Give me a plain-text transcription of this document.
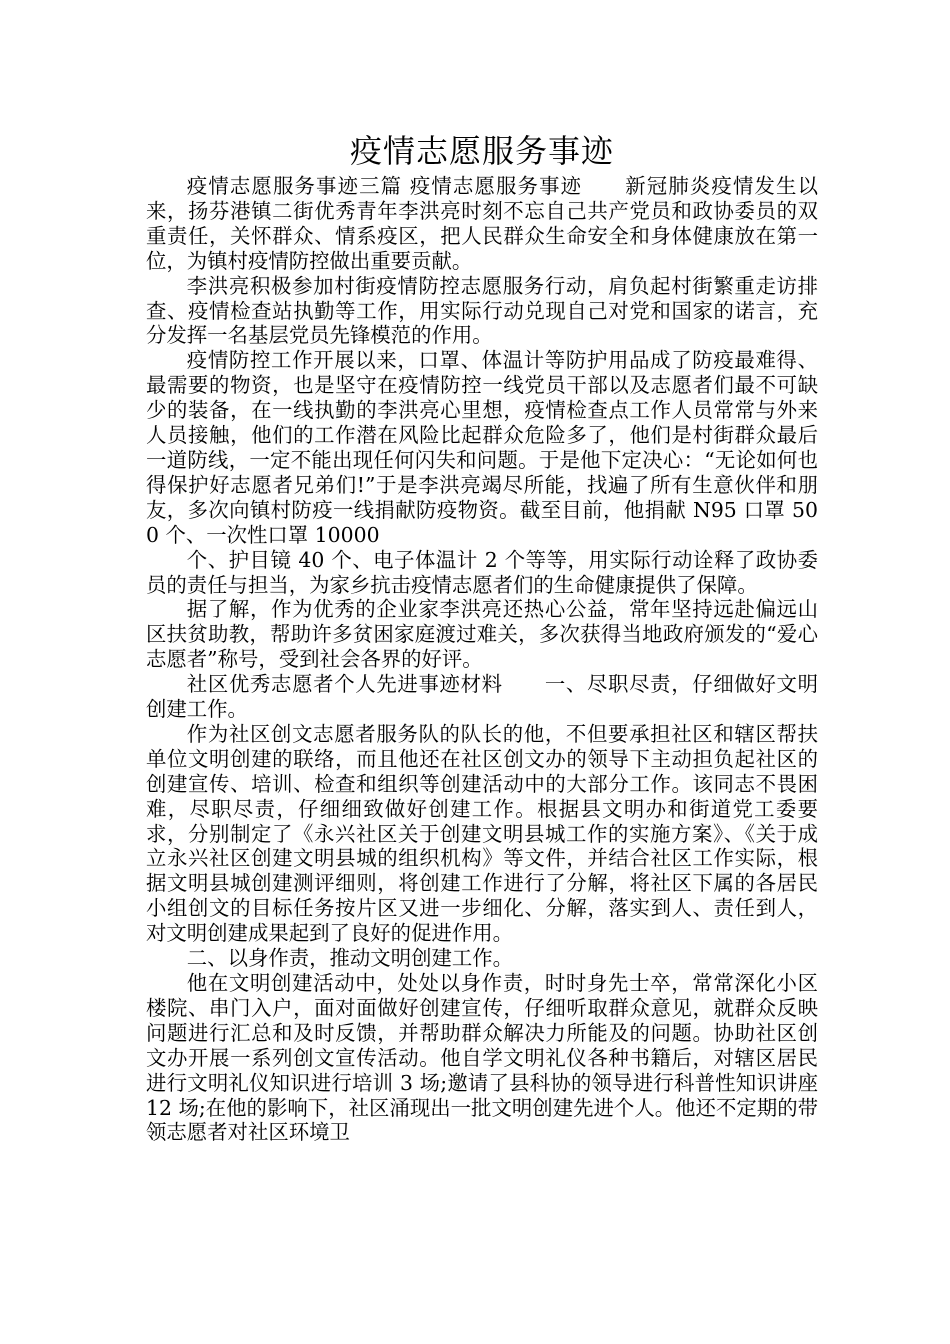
疫情志愿服务事迹

疫情志愿服务事迹三篇 疫情志愿服务事迹　　新冠肺炎疫情发生以来，扬芬港镇二街优秀青年李洪亮时刻不忘自己共产党员和政协委员的双重责任，关怀群众、情系疫区，把人民群众生命安全和身体健康放在第一位，为镇村疫情防控做出重要贡献。

李洪亮积极参加村街疫情防控志愿服务行动，肩负起村街繁重走访排查、疫情检查站执勤等工作，用实际行动兑现自己对党和国家的诺言，充分发挥一名基层党员先锋模范的作用。

疫情防控工作开展以来，口罩、体温计等防护用品成了防疫最难得、最需要的物资，也是坚守在疫情防控一线党员干部以及志愿者们最不可缺少的装备，在一线执勤的李洪亮心里想，疫情检查点工作人员常常与外来人员接触，他们的工作潜在风险比起群众危险多了，他们是村街群众最后一道防线，一定不能出现任何闪失和问题。于是他下定决心：“无论如何也得保护好志愿者兄弟们!”于是李洪亮竭尽所能，找遍了所有生意伙伴和朋友，多次向镇村防疫一线捐献防疫物资。截至目前，他捐献 N95 口罩 500 个、一次性口罩 10000

个、护目镜 40 个、电子体温计 2 个等等，用实际行动诠释了政协委员的责任与担当，为家乡抗击疫情志愿者们的生命健康提供了保障。

据了解，作为优秀的企业家李洪亮还热心公益，常年坚持远赴偏远山区扶贫助教，帮助许多贫困家庭渡过难关，多次获得当地政府颁发的“爱心志愿者”称号，受到社会各界的好评。

社区优秀志愿者个人先进事迹材料　　一、尽职尽责，仔细做好文明创建工作。

作为社区创文志愿者服务队的队长的他，不但要承担社区和辖区帮扶单位文明创建的联络，而且他还在社区创文办的领导下主动担负起社区的创建宣传、培训、检查和组织等创建活动中的大部分工作。该同志不畏困难，尽职尽责，仔细细致做好创建工作。根据县文明办和街道党工委要求，分别制定了《永兴社区关于创建文明县城工作的实施方案》、《关于成立永兴社区创建文明县城的组织机构》等文件，并结合社区工作实际，根据文明县城创建测评细则，将创建工作进行了分解，将社区下属的各居民小组创文的目标任务按片区又进一步细化、分解，落实到人、责任到人，对文明创建成果起到了良好的促进作用。

二、以身作责，推动文明创建工作。

他在文明创建活动中，处处以身作责，时时身先士卒，常常深化小区楼院、串门入户，面对面做好创建宣传，仔细听取群众意见，就群众反映问题进行汇总和及时反馈，并帮助群众解决力所能及的问题。协助社区创文办开展一系列创文宣传活动。他自学文明礼仪各种书籍后，对辖区居民进行文明礼仪知识进行培训 3 场;邀请了县科协的领导进行科普性知识讲座 12 场;在他的影响下，社区涌现出一批文明创建先进个人。他还不定期的带领志愿者对社区环境卫
